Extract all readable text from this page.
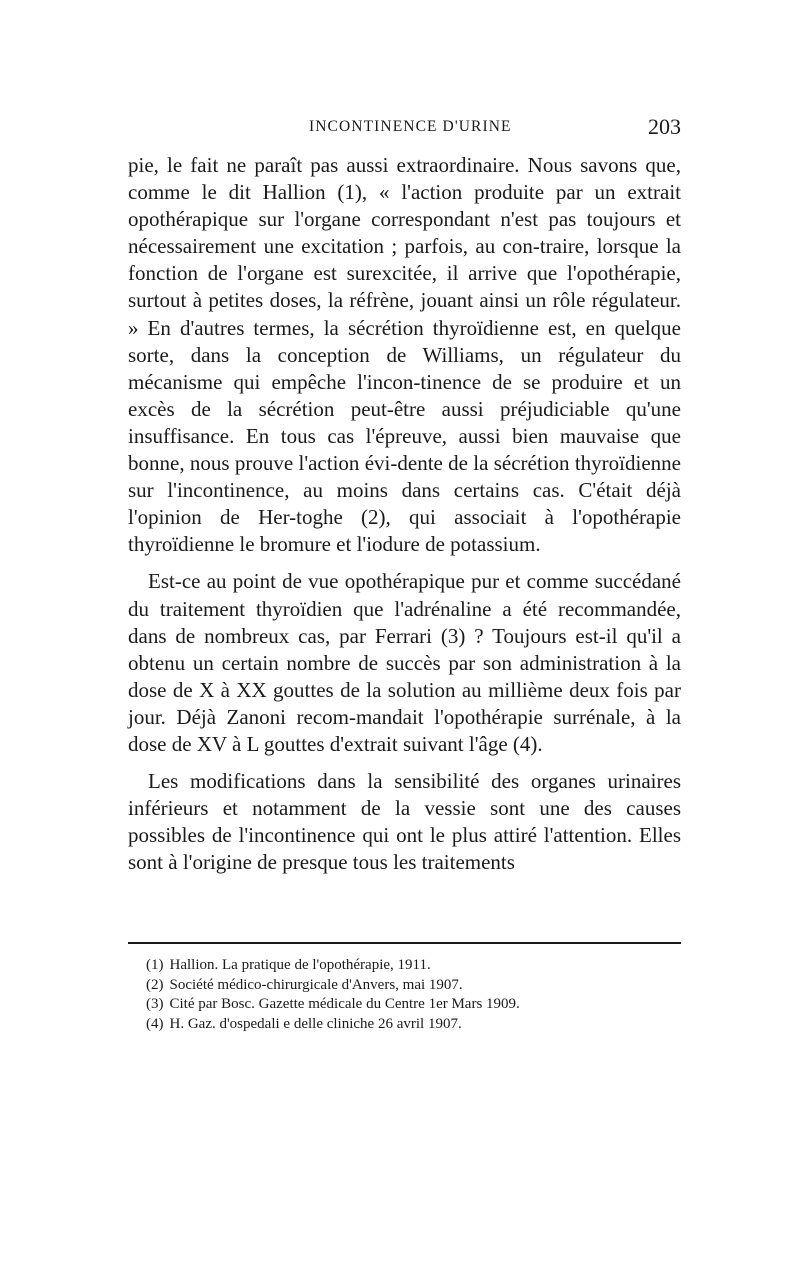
INCONTINENCE D'URINE	203

pie, le fait ne paraît pas aussi extraordinaire. Nous savons que, comme le dit Hallion (1), « l'action produite par un extrait opothérapique sur l'organe correspondant n'est pas toujours et nécessairement une excitation ; parfois, au con-traire, lorsque la fonction de l'organe est surexcitée, il arrive que l'opothérapie, surtout à petites doses, la réfrène, jouant ainsi un rôle régulateur. » En d'autres termes, la sécrétion thyroïdienne est, en quelque sorte, dans la conception de Williams, un régulateur du mécanisme qui empêche l'incon-tinence de se produire et un excès de la sécrétion peut-être aussi préjudiciable qu'une insuffisance. En tous cas l'épreuve, aussi bien mauvaise que bonne, nous prouve l'action évi-dente de la sécrétion thyroïdienne sur l'incontinence, au moins dans certains cas. C'était déjà l'opinion de Her-toghe (2), qui associait à l'opothérapie thyroïdienne le bromure et l'iodure de potassium.

Est-ce au point de vue opothérapique pur et comme succédané du traitement thyroïdien que l'adrénaline a été recommandée, dans de nombreux cas, par Ferrari (3) ? Toujours est-il qu'il a obtenu un certain nombre de succès par son administration à la dose de X à XX gouttes de la solution au millième deux fois par jour. Déjà Zanoni recom-mandait l'opothérapie surrénale, à la dose de XV à L gouttes d'extrait suivant l'âge (4).

Les modifications dans la sensibilité des organes urinaires inférieurs et notamment de la vessie sont une des causes possibles de l'incontinence qui ont le plus attiré l'attention. Elles sont à l'origine de presque tous les traitements

(1) Hallion. La pratique de l'opothérapie, 1911.

(2) Société médico-chirurgicale d'Anvers, mai 1907.

(3) Cité par Bosc. Gazette médicale du Centre 1er Mars 1909.

(4) H. Gaz. d'ospedali e delle cliniche 26 avril 1907.
